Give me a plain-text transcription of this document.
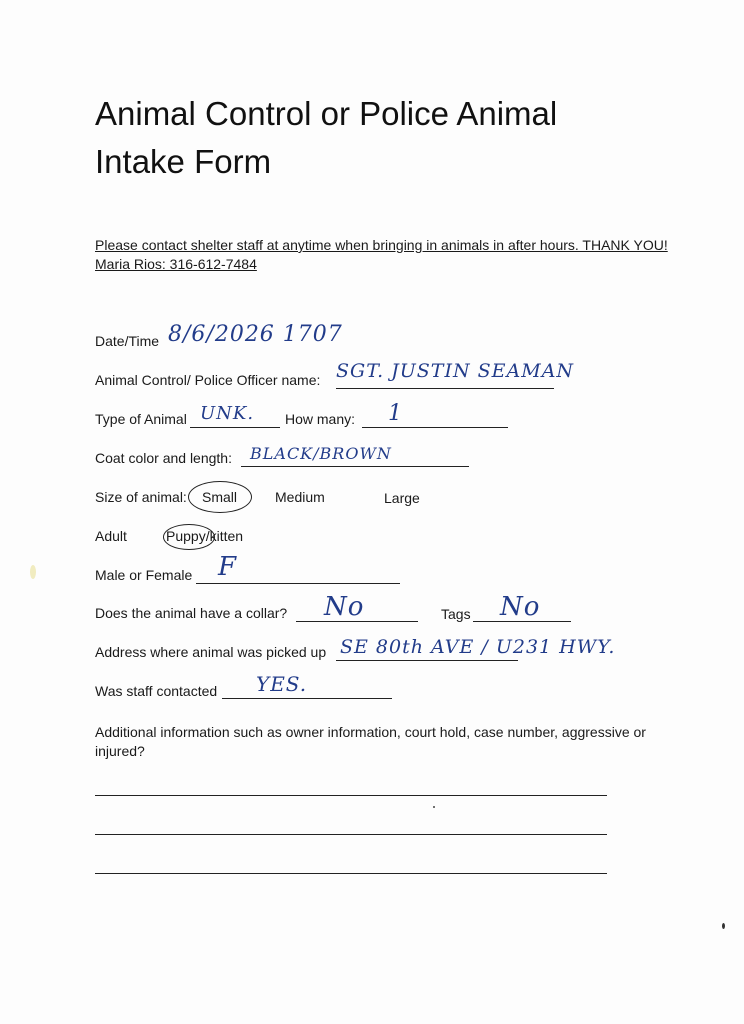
Animal Control or Police Animal Intake Form
Please contact shelter staff at anytime when bringing in animals in after hours. THANK YOU!
Maria Rios: 316-612-7484
Date/Time 8/6/2026 1707
Animal Control/ Police Officer name: SGT. JUSTIN SEAMAN
Type of Animal UNK. How many: 1
Coat color and length: BLACK/BROWN
Size of animal: Small	Medium	Large
Adult	Puppy/kitten
Male or Female F
Does the animal have a collar? No	Tags No
Address where animal was picked up SE 80th AVE / U231 HWY.
Was staff contacted YES.
Additional information such as owner information, court hold, case number, aggressive or injured?
